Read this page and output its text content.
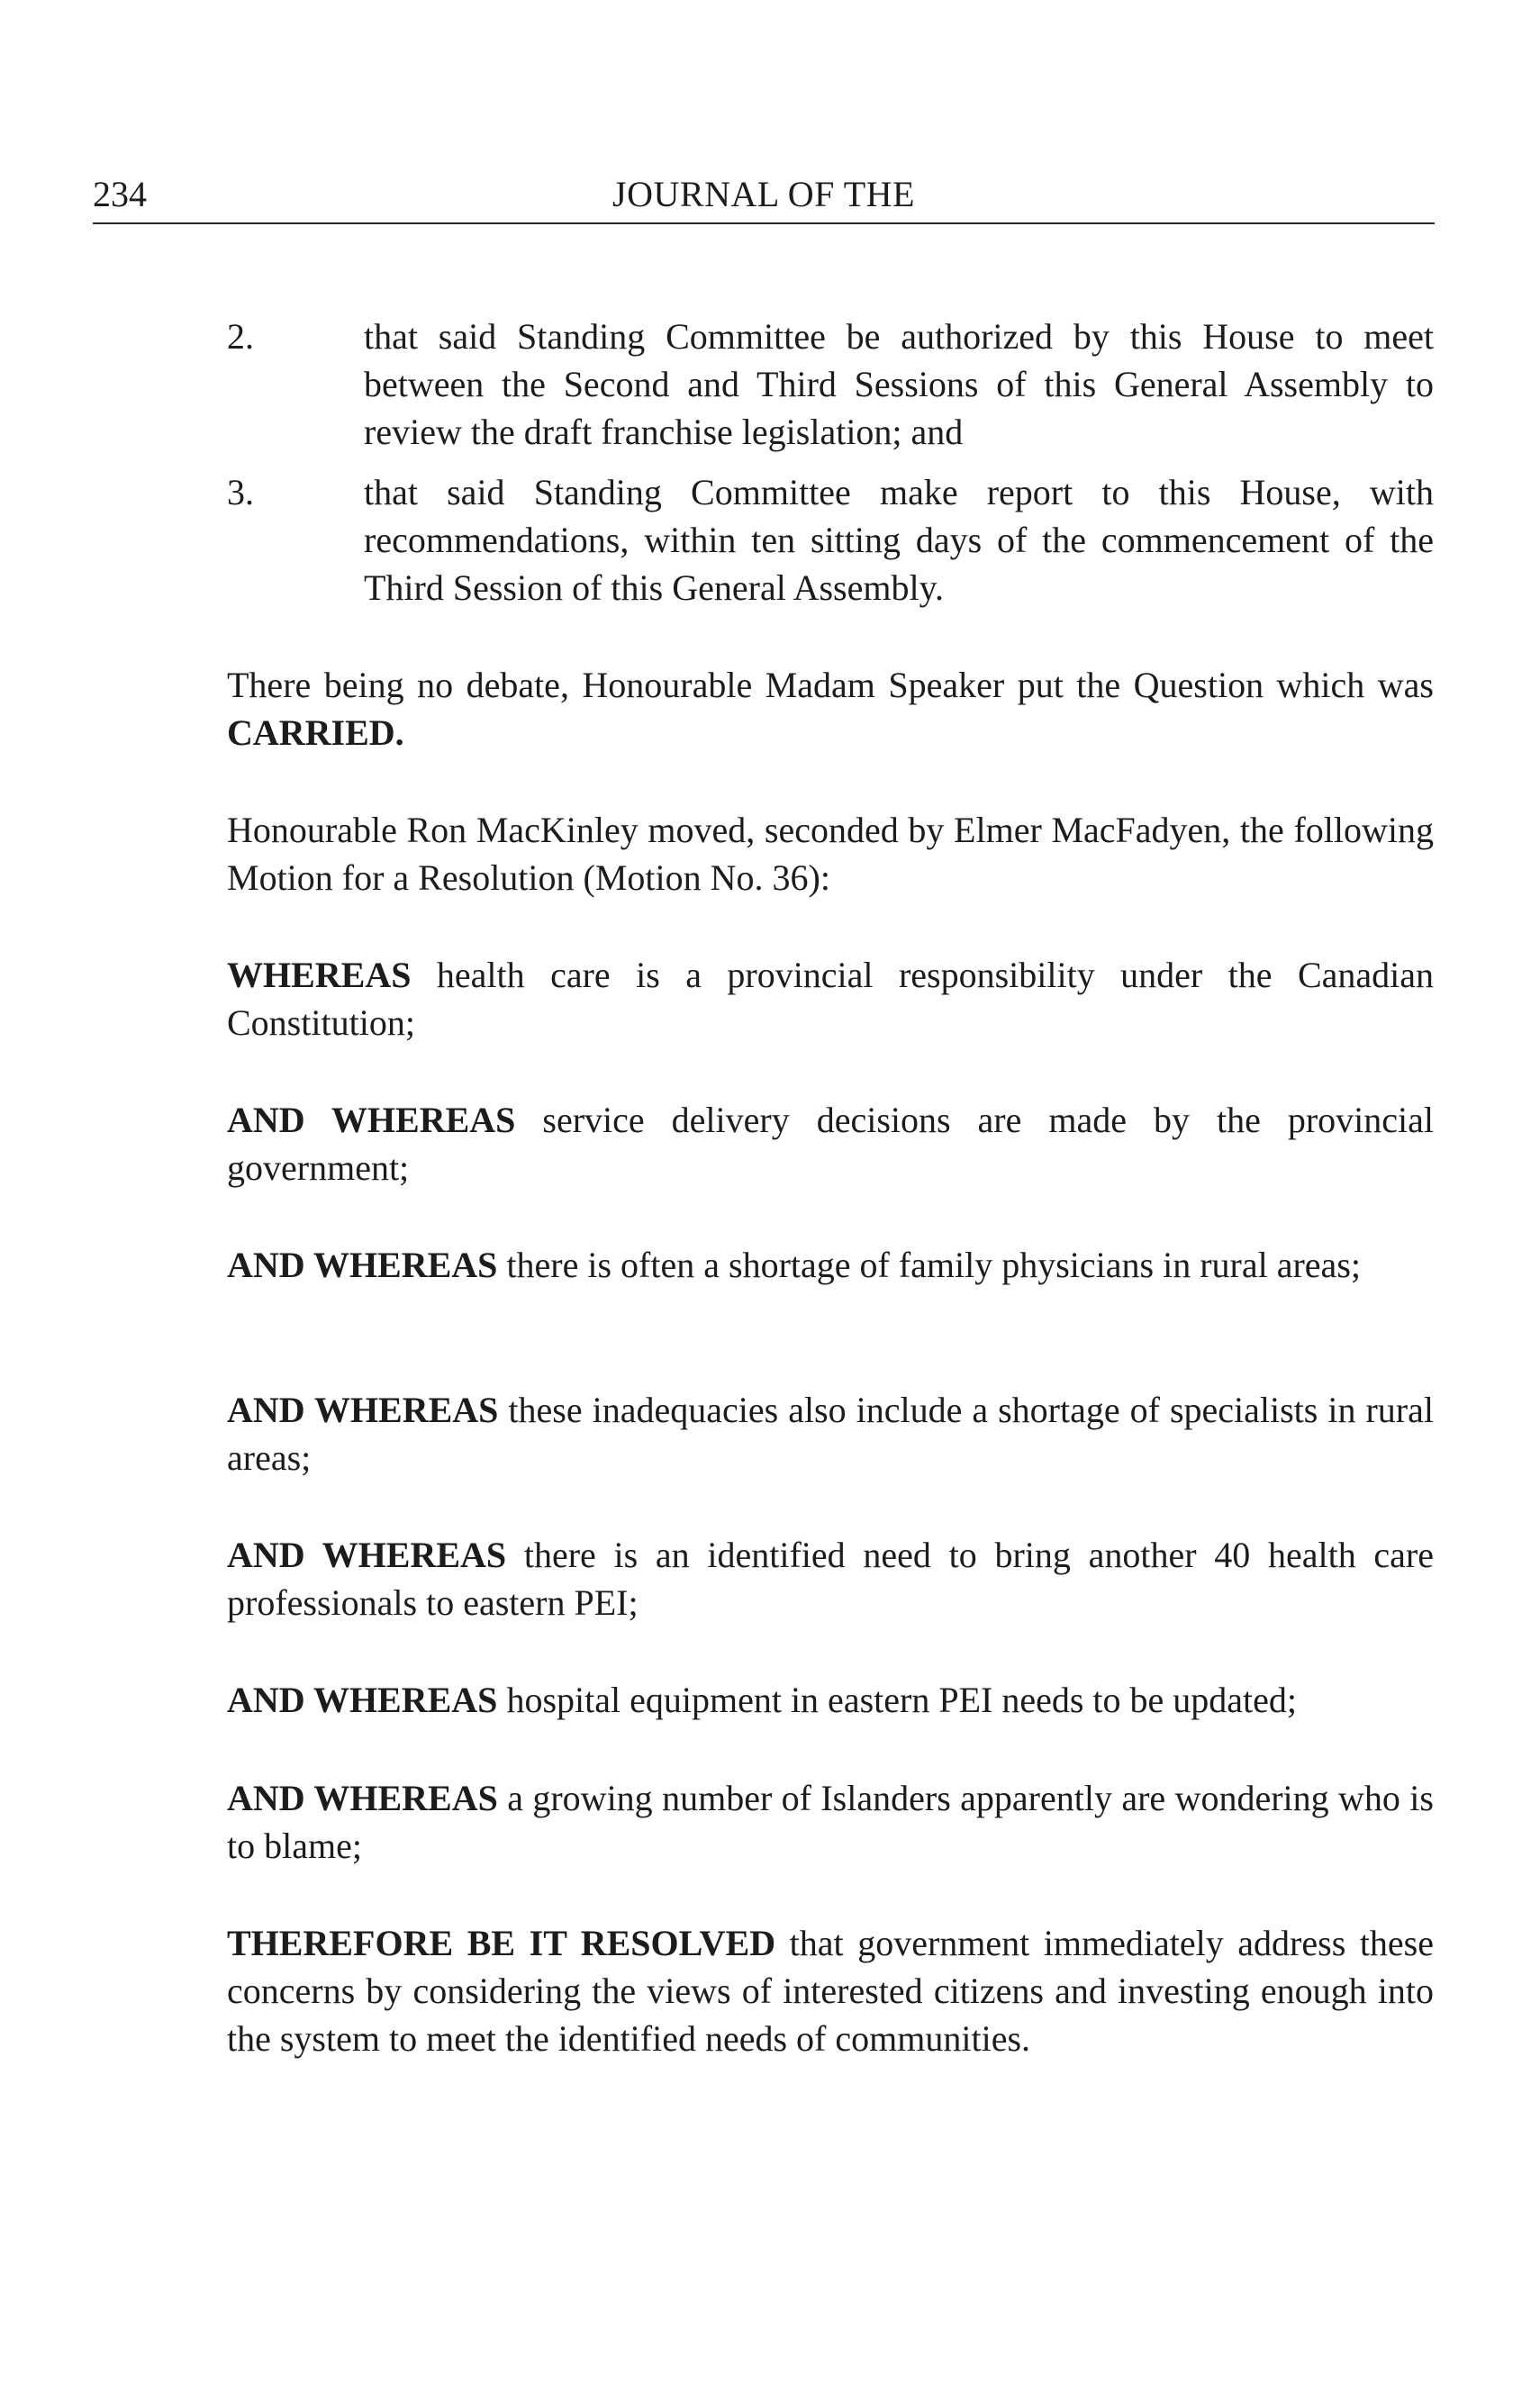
234	JOURNAL OF THE
2.	that said Standing Committee be authorized by this House to meet between the Second and Third Sessions of this General Assembly to review the draft franchise legislation; and
3.	that said Standing Committee make report to this House, with recommendations, within ten sitting days of the commencement of the Third Session of this General Assembly.
There being no debate, Honourable Madam Speaker put the Question which was CARRIED.
Honourable Ron MacKinley moved, seconded by Elmer MacFadyen, the following Motion for a Resolution (Motion No. 36):
WHEREAS health care is a provincial responsibility under the Canadian Constitution;
AND WHEREAS service delivery decisions are made by the provincial government;
AND WHEREAS there is often a shortage of family physicians in rural areas;
AND WHEREAS these inadequacies also include a shortage of specialists in rural areas;
AND WHEREAS there is an identified need to bring another 40 health care professionals to eastern PEI;
AND WHEREAS hospital equipment in eastern PEI needs to be updated;
AND WHEREAS a growing number of Islanders apparently are wondering who is to blame;
THEREFORE BE IT RESOLVED that government immediately address these concerns by considering the views of interested citizens and investing enough into the system to meet the identified needs of communities.
